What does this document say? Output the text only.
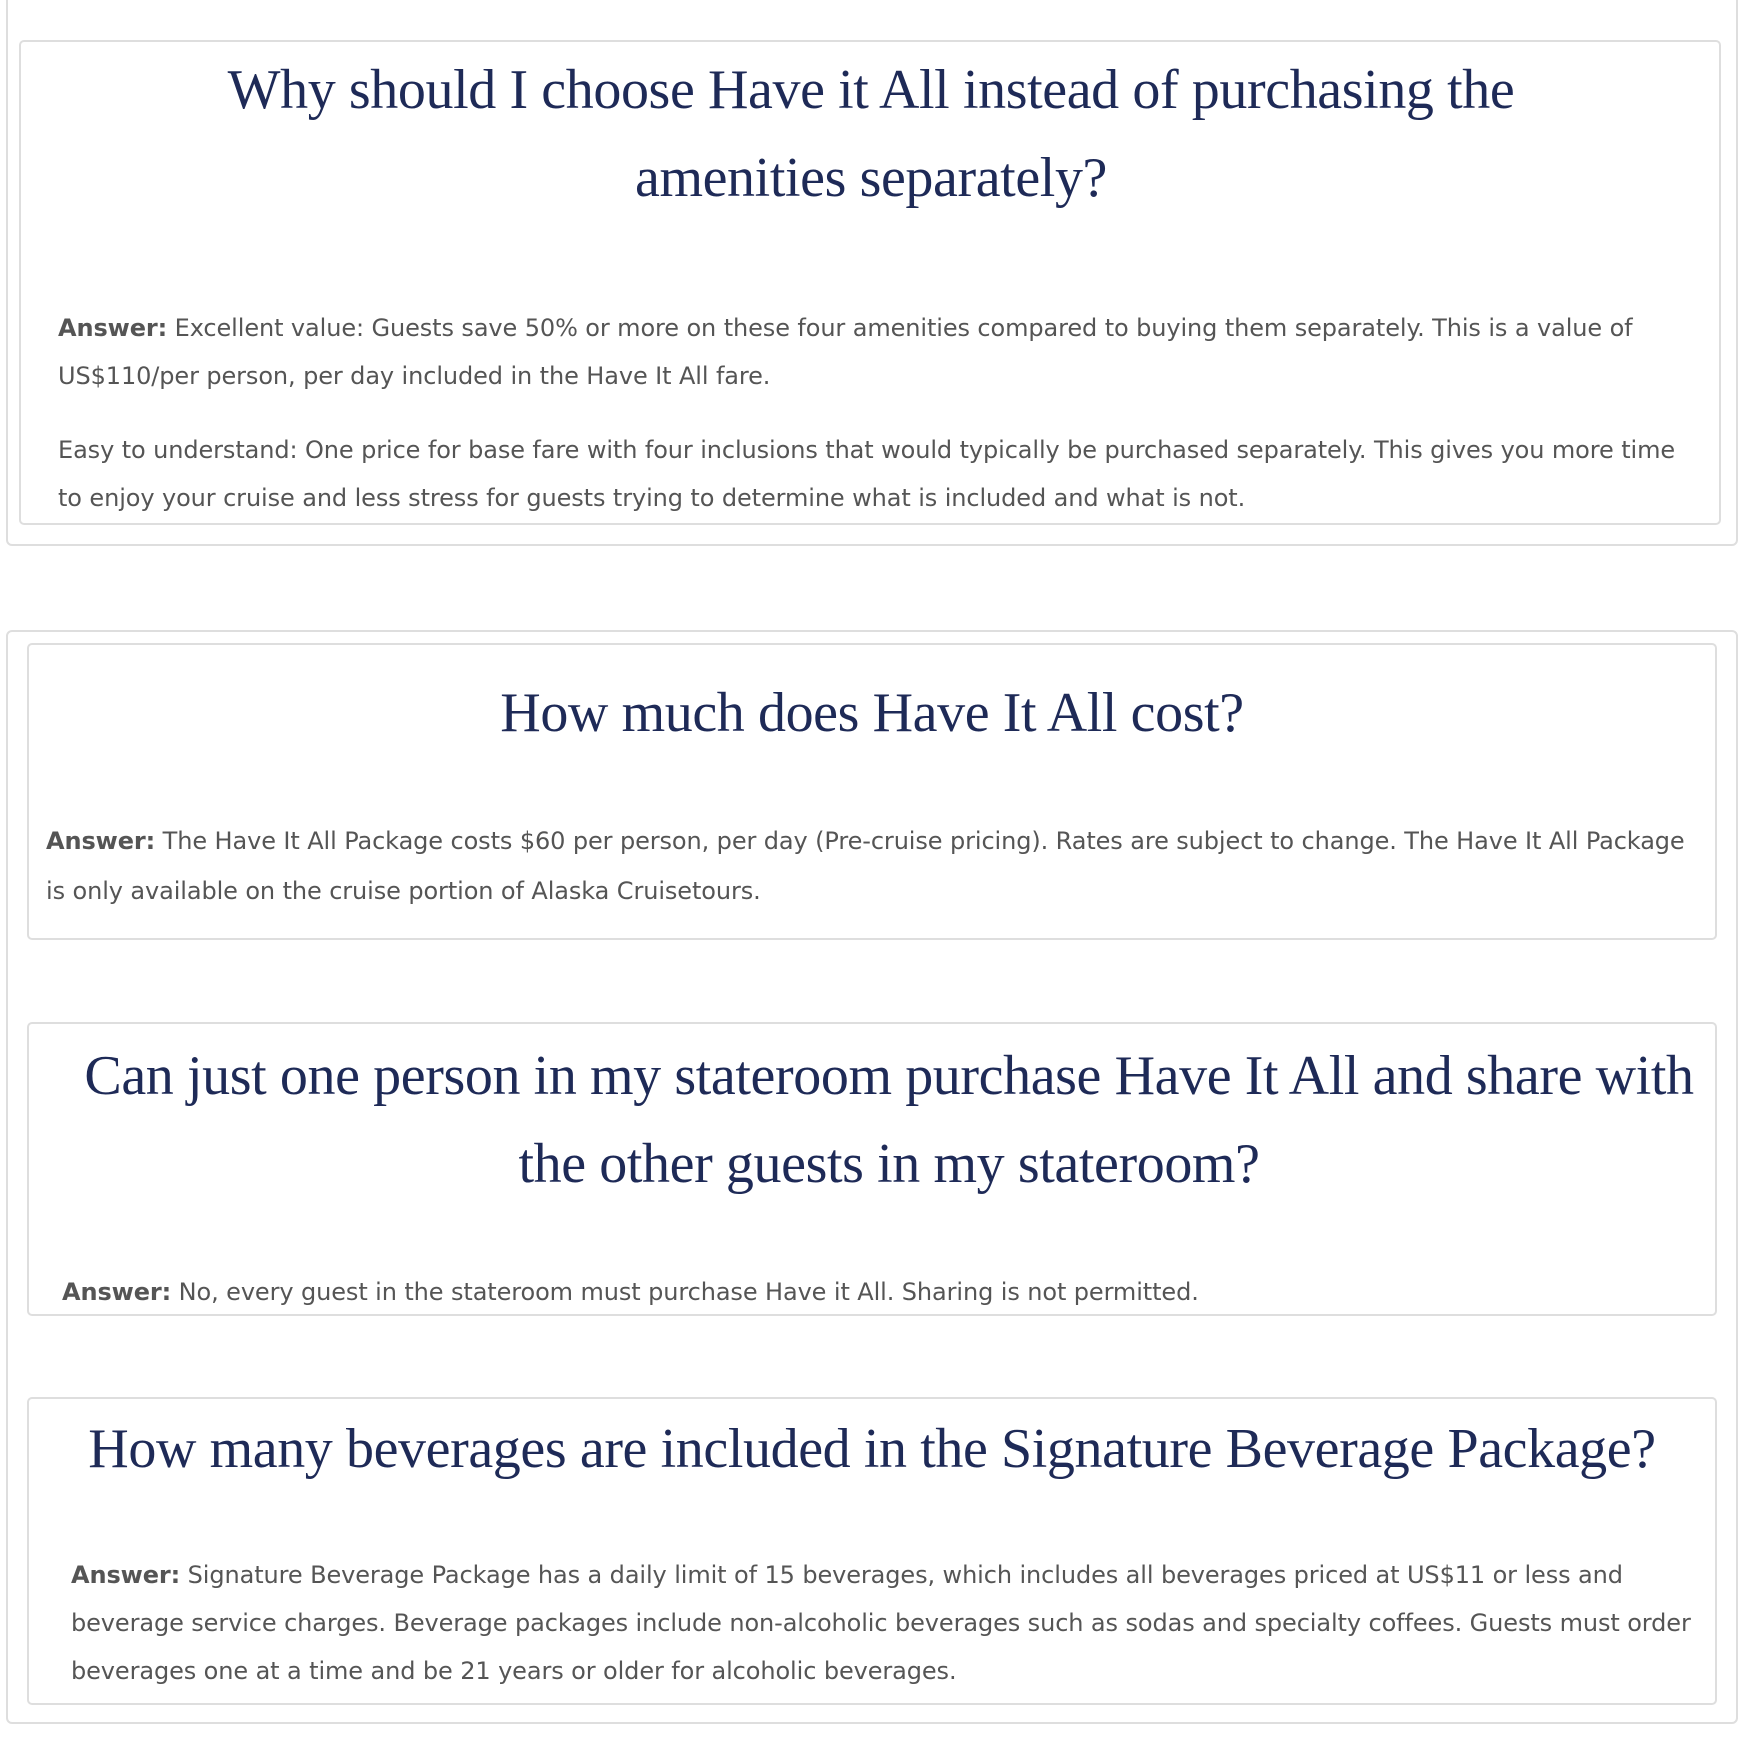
Why should I choose Have it All instead of purchasing the amenities separately?

Answer: Excellent value: Guests save 50% or more on these four amenities compared to buying them separately. This is a value of US$110/per person, per day included in the Have It All fare.

Easy to understand: One price for base fare with four inclusions that would typically be purchased separately. This gives you more time to enjoy your cruise and less stress for guests trying to determine what is included and what is not.

How much does Have It All cost?

Answer: The Have It All Package costs $60 per person, per day (Pre-cruise pricing). Rates are subject to change. The Have It All Package is only available on the cruise portion of Alaska Cruisetours.

Can just one person in my stateroom purchase Have It All and share with the other guests in my stateroom?

Answer: No, every guest in the stateroom must purchase Have it All. Sharing is not permitted.

How many beverages are included in the Signature Beverage Package?

Answer: Signature Beverage Package has a daily limit of 15 beverages, which includes all beverages priced at US$11 or less and beverage service charges. Beverage packages include non-alcoholic beverages such as sodas and specialty coffees. Guests must order beverages one at a time and be 21 years or older for alcoholic beverages.
